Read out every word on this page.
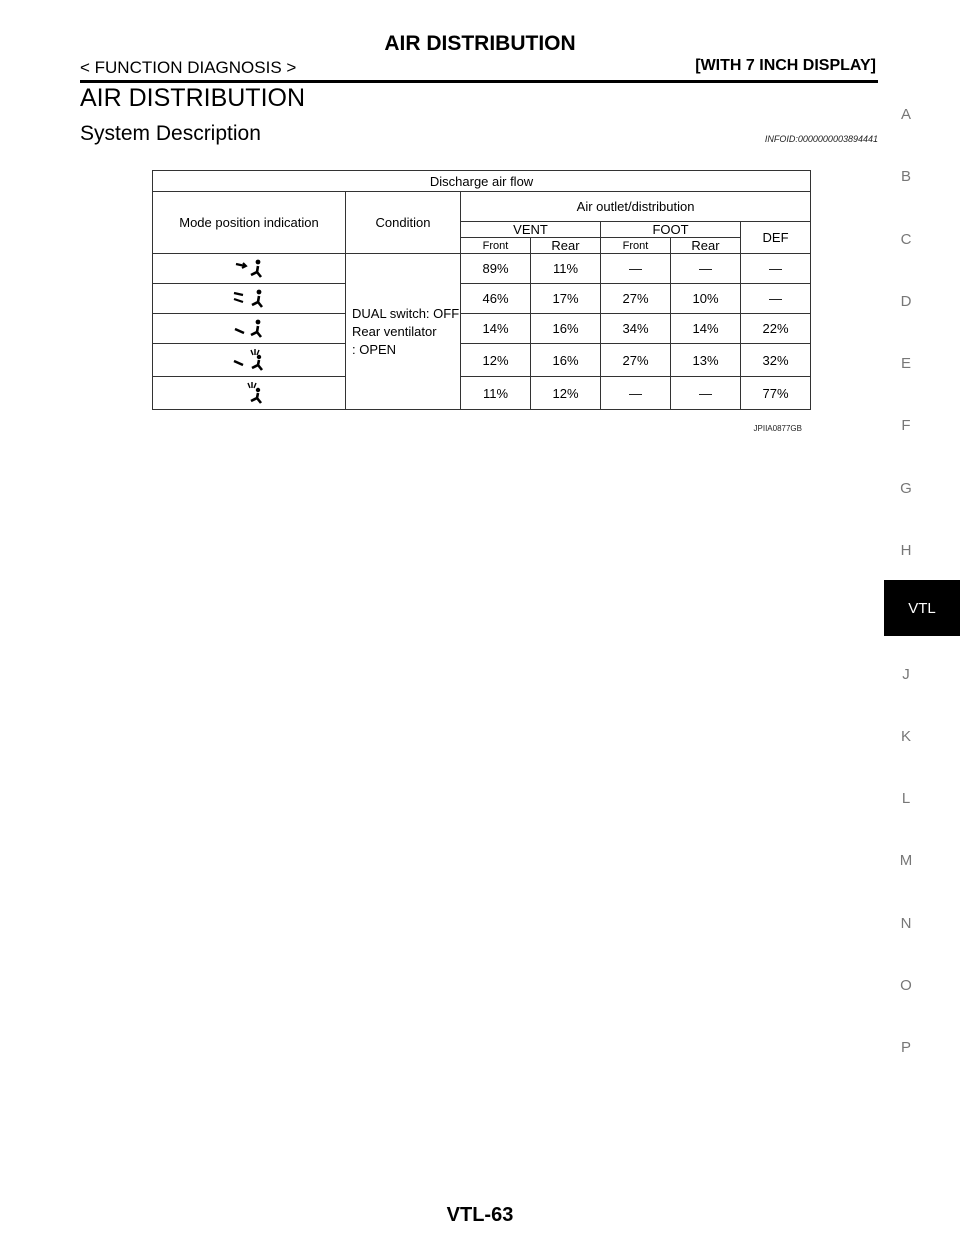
AIR DISTRIBUTION
< FUNCTION DIAGNOSIS >	[WITH 7 INCH DISPLAY]
AIR DISTRIBUTION
System Description	INFOID:0000000003894441
Discharge air flow						
Mode position indication	Condition	Air outlet/distribution				
		VENT		FOOT		DEF
		Front	Rear	Front	Rear	

DUAL switch: OFF
Rear ventilator
: OPEN	89%	11%	—	—	—

	46%	17%	27%	10%	—

	14%	16%	34%	14%	22%

	12%	16%	27%	13%	32%

	11%	12%	—	—	77%
JPIIA0877GB
A
B
C
D
E
F
G
H
VTL
J
K
L
M
N
O
P
VTL-63
